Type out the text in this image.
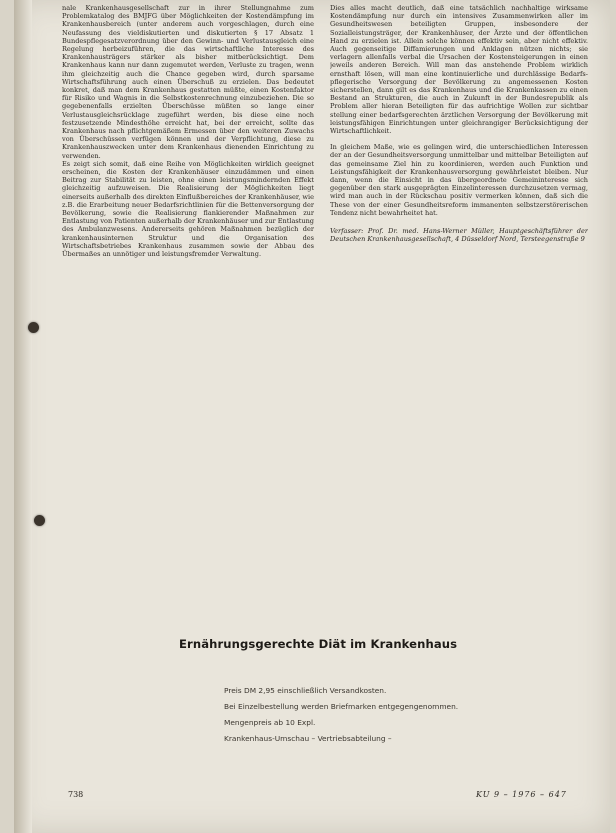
nale Krankenhausgesellschaft zur in ihrer Stellungnahme zum Problemkatalog des BMJFG über Möglichkeiten der Kostendämpfung im Krankenhausbereich (unter anderem auch vorgeschlagen, durch eine Neufassung des vieldiskutierten und diskutierten § 17 Absatz 1 Bundespflegesatzverordnung über den Gewinn- und Verlustausgleich eine Regelung herbeizuführen, die das wirtschaftliche Interesse des Krankenhausträgers stärker als bisher mitberücksichtigt. Dem Krankenhaus kann nur dann zugemutet werden, Verluste zu tragen, wenn ihm gleichzeitig auch die Chance gegeben wird, durch sparsame Wirtschaftsführung auch einen Überschuß zu erzielen. Das bedeutet konkret, daß man dem Krankenhaus gestatten müßte, einen Kostenfaktor für Risiko und Wagnis in die Selbstkostenrechnung einzubeziehen. Die so gegebenenfalls erzielten Überschüsse müßten so lange einer Verlustausgleichsrücklage zugeführt werden, bis diese eine noch festzusetzende Mindesthöhe erreicht hat, bei der erreicht, sollte das Krankenhaus nach pflichtgemäßem Ermessen über den weiteren Zuwachs von Überschüssen verfügen können und der Verpflichtung, diese zu Krankenhauszwecken unter dem Krankenhaus dienenden Einrichtung zu verwenden.

Es zeigt sich somit, daß eine Reihe von Möglichkeiten wirklich geeignet erscheinen, die Kosten der Krankenhäuser einzudämmen und einen Beitrag zur Stabilität zu leisten, ohne einen leistungsmindernden Effekt gleichzeitig aufzuweisen. Die Realisierung der Möglichkeiten liegt einerseits außerhalb des direkten Einflußbereiches der Krankenhäuser, wie z.B. die Erarbeitung neuer Bedarfsrichtlinien für die Bettenversorgung der Bevölkerung, sowie die Realisierung flankierender Maßnahmen zur Entlastung von Patienten außerhalb der Krankenhäuser und zur Entlastung des Ambulanzwesens. Andererseits gehören Maßnahmen bezüglich der krankenhausinternen Struktur und die Organisation des Wirtschaftsbetriebes Krankenhaus zusammen sowie der Abbau des Übermaßes an unnötiger und leistungsfremder Verwaltung.

Dies alles macht deutlich, daß eine tatsächlich nachhaltige wirksame Kostendämpfung nur durch ein intensives Zusammenwirken aller im Gesundheitswesen beteiligten Gruppen, insbesondere der Sozialleistungsträger, der Krankenhäuser, der Ärzte und der öffentlichen Hand zu erzielen ist. Allein solche können effektiv sein, aber nicht effektiv. Auch gegenseitige Diffamierungen und Anklagen nützen nichts; sie verlagern allenfalls verbal die Ursachen der Kostensteigerungen in einen jeweils anderen Bereich. Will man das anstehende Problem wirklich ernsthaft lösen, will man eine kontinuierliche und durchlässige Bedarfs-pflegerische Versorgung der Bevölkerung zu angemessenen Kosten sicherstellen, dann gilt es das Krankenhaus und die Krankenkassen zu einen Bestand an Strukturen, die auch in Zukunft in der Bundesrepublik als Problem aller hieran Beteiligten für das aufrichtige Wollen zur sichtbar stellung einer bedarfsgerechten ärztlichen Versorgung der Bevölkerung mit leistungsfähigen Einrichtungen unter gleichrangiger Berücksichtigung der Wirtschaftlichkeit.

In gleichem Maße, wie es gelingen wird, die unterschiedlichen Interessen der an der Gesundheitsversorgung unmittelbar und mittelbar Beteiligten auf das gemeinsame Ziel hin zu koordinieren, werden auch Funktion und Leistungsfähigkeit der Krankenhausversorgung gewährleistet bleiben. Nur dann, wenn die Einsicht in das übergeordnete Gemeininteresse sich gegenüber den stark ausgeprägten Einzelinteressen durchzusetzen vermag, wird man auch in der Rückschau positiv vermerken können, daß sich die These von der einer Gesundheitsreform immanenten selbstzerstörerischen Tendenz nicht bewahrheitet hat.

Verfasser: Prof. Dr. med. Hans-Werner Müller, Hauptgeschäftsführer der Deutschen Krankenhausgesellschaft, 4 Düsseldorf Nord, Tersteegenstraße 9

Ernährungsgerechte Diät im Krankenhaus
Preis DM 2,95 einschließlich Versandkosten.
Bei Einzelbestellung werden Briefmarken entgegengenommen.
Mengenpreis ab 10 Expl.
Krankenhaus-Umschau – Vertriebsabteilung –
738	KU 9 – 1976 – 647
